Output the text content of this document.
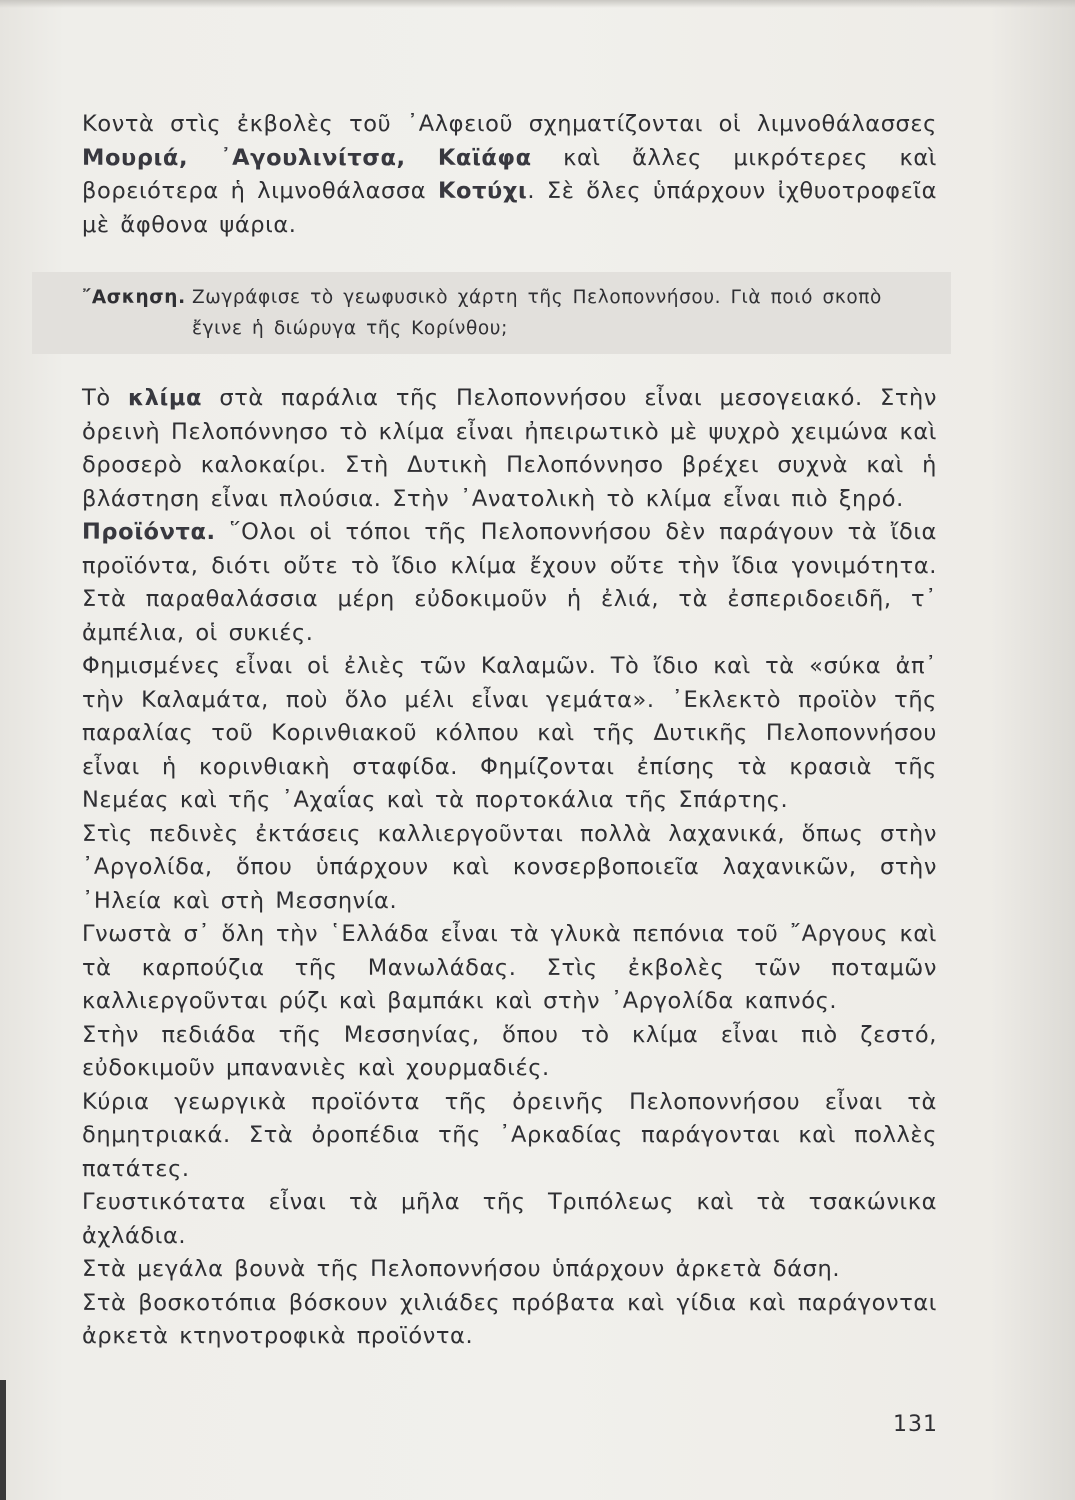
Κοντὰ στὶς ἐκβολὲς τοῦ ᾿Αλφειοῦ σχηματίζονται οἱ λιμνοθάλασσες Μουριά, ᾿Αγουλινίτσα, Καϊάφα καὶ ἄλλες μικρότερες καὶ βορειότερα ἡ λιμνοθάλασσα Κοτύχι. Σὲ ὅλες ὑπάρχουν ἰχθυοτροφεῖα μὲ ἄφθονα ψάρια.

῎Ασκηση. Ζωγράφισε τὸ γεωφυσικὸ χάρτη τῆς Πελοποννήσου. Γιὰ ποιό σκοπὸ ἔγινε ἡ διώρυγα τῆς Κορίνθου;

Τὸ κλίμα στὰ παράλια τῆς Πελοποννήσου εἶναι μεσογειακό. Στὴν ὀρεινὴ Πελοπόννησο τὸ κλίμα εἶναι ἠπειρωτικὸ μὲ ψυχρὸ χειμώνα καὶ δροσερὸ καλοκαίρι. Στὴ Δυτικὴ Πελοπόννησο βρέχει συχνὰ καὶ ἡ βλάστηση εἶναι πλούσια. Στὴν ᾿Ανατολικὴ τὸ κλίμα εἶναι πιὸ ξηρό.

Προϊόντα. ῞Ολοι οἱ τόποι τῆς Πελοποννήσου δὲν παράγουν τὰ ἴδια προϊόντα, διότι οὔτε τὸ ἴδιο κλίμα ἔχουν οὔτε τὴν ἴδια γονιμότητα. Στὰ παραθαλάσσια μέρη εὐδοκιμοῦν ἡ ἐλιά, τὰ ἐσπεριδοειδῆ, τ᾿ ἀμπέλια, οἱ συκιές.

Φημισμένες εἶναι οἱ ἐλιὲς τῶν Καλαμῶν. Τὸ ἴδιο καὶ τὰ «σύκα ἀπ᾿ τὴν Καλαμάτα, ποὺ ὅλο μέλι εἶναι γεμάτα». ᾿Εκλεκτὸ προϊὸν τῆς παραλίας τοῦ Κορινθιακοῦ κόλπου καὶ τῆς Δυτικῆς Πελοποννήσου εἶναι ἡ κορινθιακὴ σταφίδα. Φημίζονται ἐπίσης τὰ κρασιὰ τῆς Νεμέας καὶ τῆς ᾿Αχαΐας καὶ τὰ πορτοκάλια τῆς Σπάρτης.

Στὶς πεδινὲς ἐκτάσεις καλλιεργοῦνται πολλὰ λαχανικά, ὅπως στὴν ᾿Αργολίδα, ὅπου ὑπάρχουν καὶ κονσερβοποιεῖα λαχανικῶν, στὴν ᾿Ηλεία καὶ στὴ Μεσσηνία.

Γνωστὰ σ᾿ ὅλη τὴν ῾Ελλάδα εἶναι τὰ γλυκὰ πεπόνια τοῦ ῎Αργους καὶ τὰ καρπούζια τῆς Μανωλάδας. Στὶς ἐκβολὲς τῶν ποταμῶν καλλιεργοῦνται ρύζι καὶ βαμπάκι καὶ στὴν ᾿Αργολίδα καπνός.

Στὴν πεδιάδα τῆς Μεσσηνίας, ὅπου τὸ κλίμα εἶναι πιὸ ζεστό, εὐδοκιμοῦν μπανανιὲς καὶ χουρμαδιές.

Κύρια γεωργικὰ προϊόντα τῆς ὀρεινῆς Πελοποννήσου εἶναι τὰ δημητριακά. Στὰ ὀροπέδια τῆς ᾿Αρκαδίας παράγονται καὶ πολλὲς πατάτες.

Γευστικότατα εἶναι τὰ μῆλα τῆς Τριπόλεως καὶ τὰ τσακώνικα ἀχλάδια.

Στὰ μεγάλα βουνὰ τῆς Πελοποννήσου ὑπάρχουν ἀρκετὰ δάση.

Στὰ βοσκοτόπια βόσκουν χιλιάδες πρόβατα καὶ γίδια καὶ παράγονται ἀρκετὰ κτηνοτροφικὰ προϊόντα.

131
